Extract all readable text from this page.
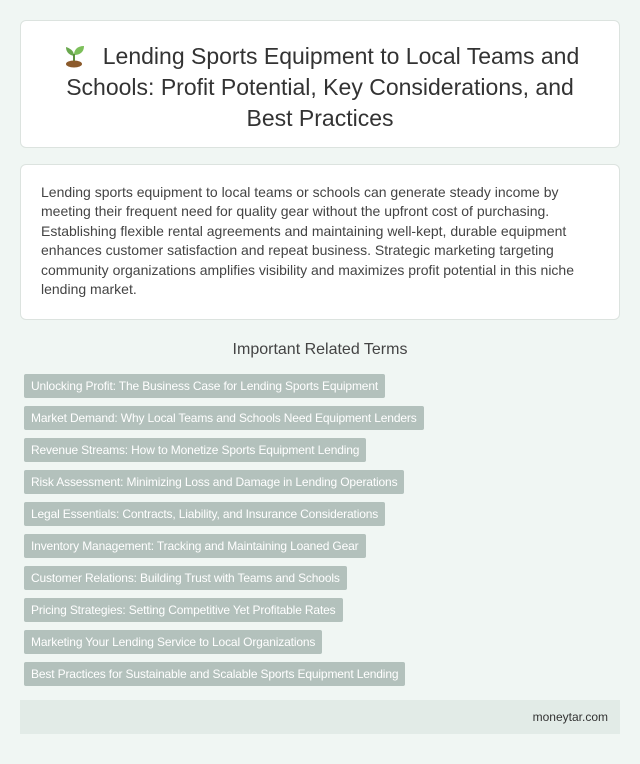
Lending Sports Equipment to Local Teams and Schools: Profit Potential, Key Considerations, and Best Practices

Lending sports equipment to local teams or schools can generate steady income by meeting their frequent need for quality gear without the upfront cost of purchasing. Establishing flexible rental agreements and maintaining well-kept, durable equipment enhances customer satisfaction and repeat business. Strategic marketing targeting community organizations amplifies visibility and maximizes profit potential in this niche lending market.

Important Related Terms
Unlocking Profit: The Business Case for Lending Sports Equipment
Market Demand: Why Local Teams and Schools Need Equipment Lenders
Revenue Streams: How to Monetize Sports Equipment Lending
Risk Assessment: Minimizing Loss and Damage in Lending Operations
Legal Essentials: Contracts, Liability, and Insurance Considerations
Inventory Management: Tracking and Maintaining Loaned Gear
Customer Relations: Building Trust with Teams and Schools
Pricing Strategies: Setting Competitive Yet Profitable Rates
Marketing Your Lending Service to Local Organizations
Best Practices for Sustainable and Scalable Sports Equipment Lending
moneytar.com
